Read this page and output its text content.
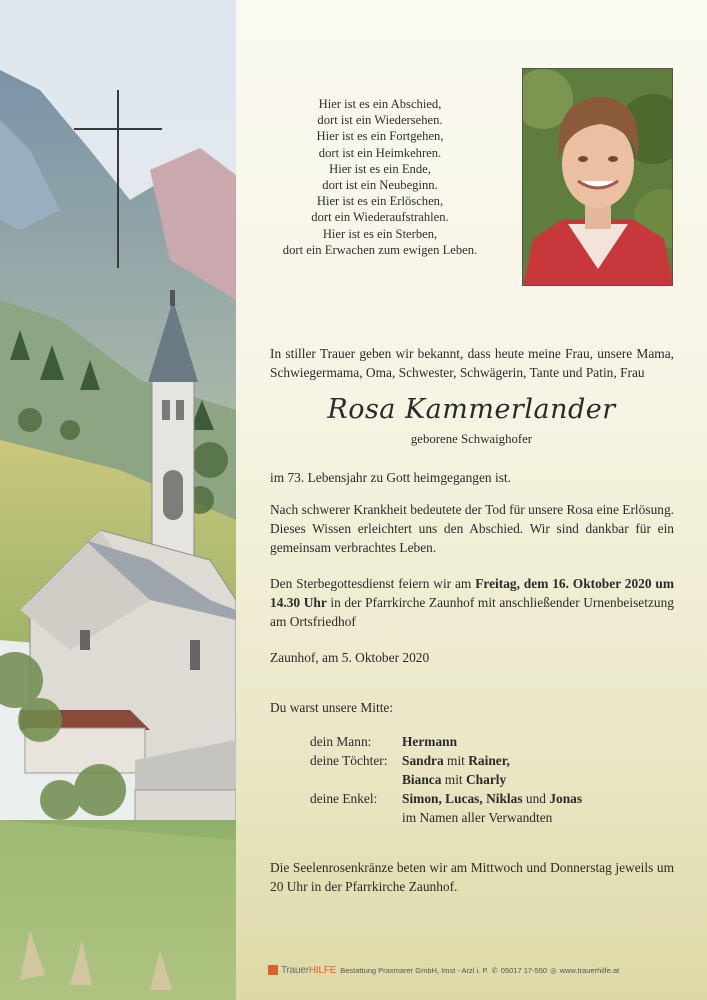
Hier ist es ein Abschied,
dort ist ein Wiedersehen.
Hier ist es ein Fortgehen,
dort ist ein Heimkehren.
Hier ist es ein Ende,
dort ist ein Neubeginn.
Hier ist es ein Erlöschen,
dort ein Wiederaufstrahlen.
Hier ist es ein Sterben,
dort ein Erwachen zum ewigen Leben.

In stiller Trauer geben wir bekannt, dass heute meine Frau, unsere Mama, Schwiegermama, Oma, Schwester, Schwägerin, Tante und Patin, Frau

Rosa Kammerlander
geborene Schwaighofer

im 73. Lebensjahr zu Gott heimgegangen ist.

Nach schwerer Krankheit bedeutete der Tod für unsere Rosa eine Erlösung. Dieses Wissen erleichtert uns den Abschied. Wir sind dankbar für ein gemeinsam verbrachtes Leben.

Den Sterbegottesdienst feiern wir am Freitag, dem 16. Oktober 2020 um 14.30 Uhr in der Pfarrkirche Zaunhof mit anschließender Urnenbeisetzung am Ortsfriedhof

Zaunhof, am 5. Oktober 2020

Du warst unsere Mitte:

dein Mann:	Hermann
deine Töchter:	Sandra mit Rainer,
Bianca mit Charly
deine Enkel:	Simon, Lucas, Niklas und Jonas
im Namen aller Verwandten

Die Seelenrosenkränze beten wir am Mittwoch und Donnerstag jeweils um 20 Uhr in der Pfarrkirche Zaunhof.

TrauerHILFE Bestattung Praxmarer GmbH, Imst - Arzl i. P. ✆ 05017 17-550 ◎ www.trauerhilfe.at
